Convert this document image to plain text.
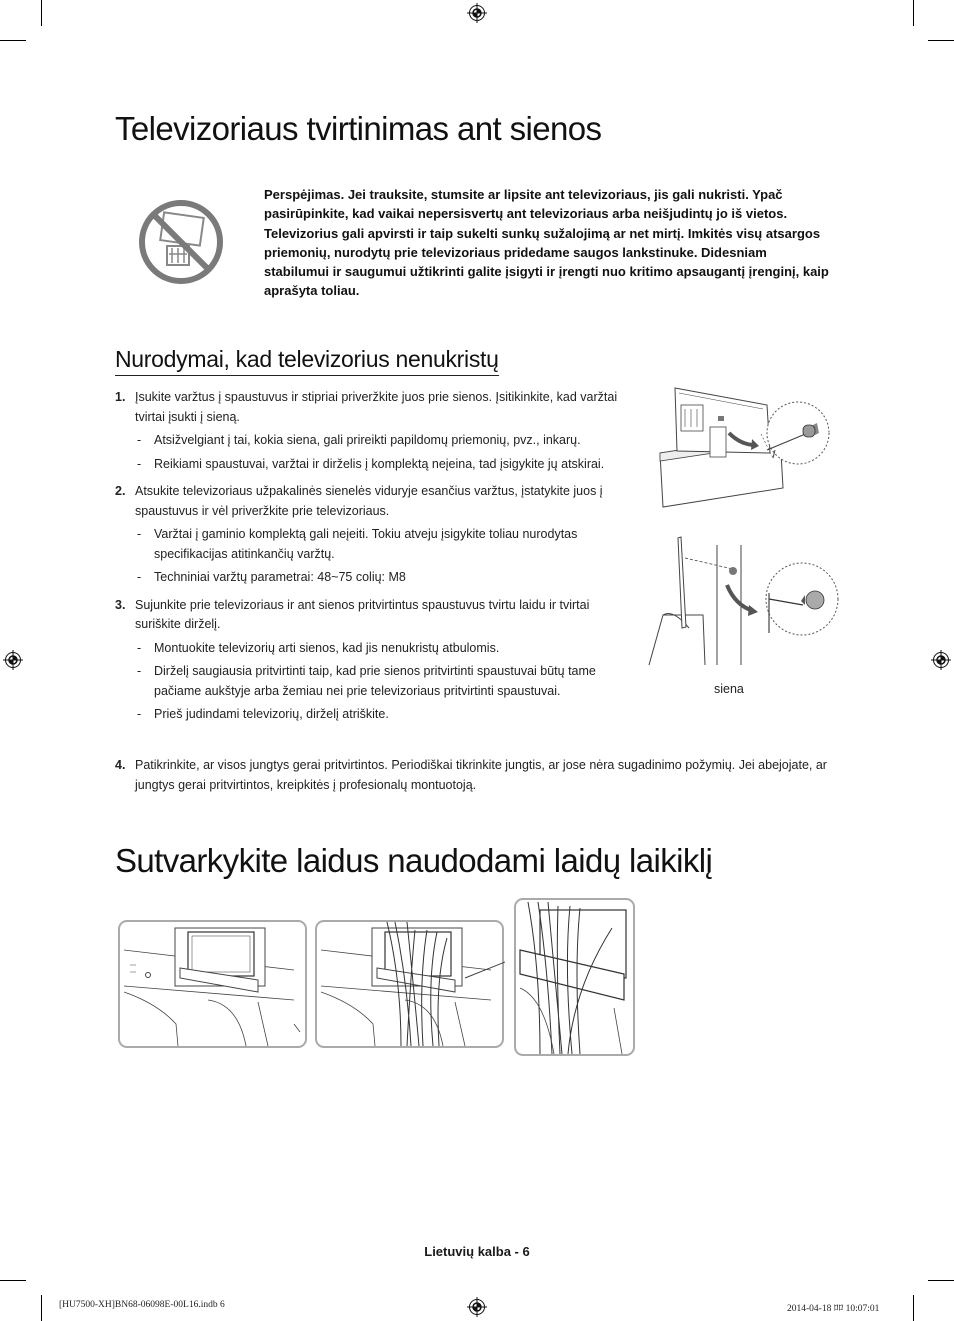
Televizoriaus tvirtinimas ant sienos
Perspėjimas. Jei trauksite, stumsite ar lipsite ant televizoriaus, jis gali nukristi. Ypač pasirūpinkite, kad vaikai nepersisvertų ant televizoriaus arba neišjudintų jo iš vietos. Televizorius gali apvirsti ir taip sukelti sunkų sužalojimą ar net mirtį. Imkitės visų atsargos priemonių, nurodytų prie televizoriaus pridedame saugos lankstinuke. Didesniam stabilumui ir saugumui užtikrinti galite įsigyti ir įrengti nuo kritimo apsaugantį įrenginį, kaip aprašyta toliau.
Nurodymai, kad televizorius nenukristų
1. Įsukite varžtus į spaustuvus ir stipriai priveržkite juos prie sienos. Įsitikinkite, kad varžtai tvirtai įsukti į sieną.

- Atsižvelgiant į tai, kokia siena, gali prireikti papildomų priemonių, pvz., inkarų.
- Reikiami spaustuvai, varžtai ir dirželis į komplektą neįeina, tad įsigykite jų atskirai.
2. Atsukite televizoriaus užpakalinės sienelės viduryje esančius varžtus, įstatykite juos į spaustuvus ir vėl priveržkite prie televizoriaus.

- Varžtai į gaminio komplektą gali neįeiti. Tokiu atveju įsigykite toliau nurodytas specifikacijas atitinkančių varžtų.
- Techniniai varžtų parametrai: 48~75 colių: M8
3. Sujunkite prie televizoriaus ir ant sienos pritvirtintus spaustuvus tvirtu laidu ir tvirtai suriškite dirželį.

- Montuokite televizorių arti sienos, kad jis nenukristų atbulomis.
- Dirželį saugiausia pritvirtinti taip, kad prie sienos pritvirtinti spaustuvai būtų tame pačiame aukštyje arba žemiau nei prie televizoriaus pritvirtinti spaustuvai.
- Prieš judindami televizorių, dirželį atriškite.
4. Patikrinkite, ar visos jungtys gerai pritvirtintos. Periodiškai tikrinkite jungtis, ar jose nėra sugadinimo požymių. Jei abejojate, ar jungtys gerai pritvirtintos, kreipkitės į profesionalų montuotoją.

siena
Sutvarkykite laidus naudodami laidų laikiklį
Lietuvių kalba - 6
[HU7500-XH]BN68-06098E-00L16.indb 6	2014-04-18 ﾛﾛ 10:07:01
